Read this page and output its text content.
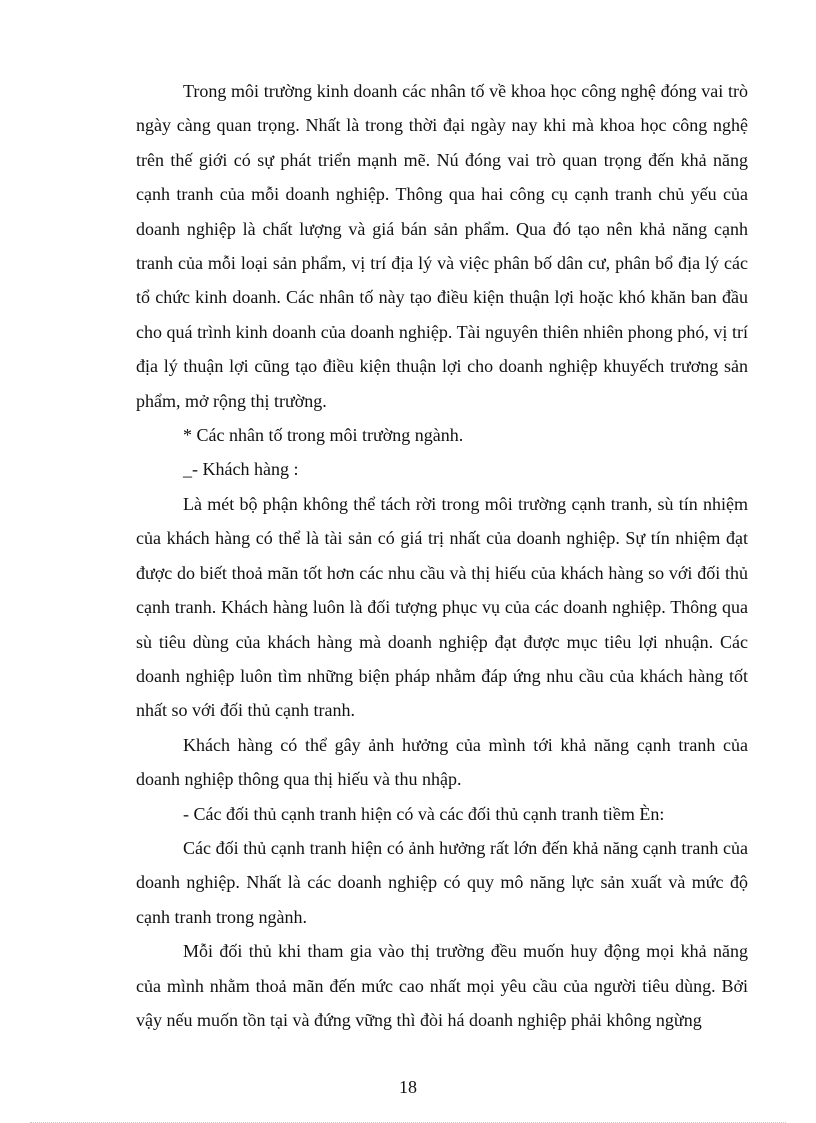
Trong môi trường kinh doanh các nhân tố về khoa học công nghệ đóng vai trò ngày càng quan trọng. Nhất là trong thời đại ngày nay khi mà khoa học công nghệ trên thế giới có sự phát triển mạnh mẽ. Nú đóng vai trò quan trọng đến khả năng cạnh tranh của mỗi doanh nghiệp. Thông qua hai công cụ cạnh tranh chủ yếu của doanh nghiệp là chất lượng và giá bán sản phẩm. Qua đó tạo nên khả năng cạnh tranh của mỗi loại sản phẩm, vị trí địa lý và việc phân bố dân cư, phân bổ địa lý các tổ chức kinh doanh. Các nhân tố này tạo điều kiện thuận lợi hoặc khó khăn ban đầu cho quá trình kinh doanh của doanh nghiệp. Tài nguyên thiên nhiên phong phó, vị trí địa lý thuận lợi cũng tạo điều kiện thuận lợi cho doanh nghiệp khuyếch trương sản phẩm, mở rộng thị trường.

* Các nhân tố trong môi trường ngành.

_- Khách hàng :

Là mét bộ phận không thể tách rời trong môi trường cạnh tranh, sù tín nhiệm của khách hàng có thể là tài sản có giá trị nhất của doanh nghiệp. Sự tín nhiệm đạt được do biết thoả mãn tốt hơn các nhu cầu và thị hiếu của khách hàng so với đối thủ cạnh tranh. Khách hàng luôn là đối tượng phục vụ của các doanh nghiệp. Thông qua sù tiêu dùng của khách hàng mà doanh nghiệp đạt được mục tiêu lợi nhuận. Các doanh nghiệp luôn tìm những biện pháp nhằm đáp ứng nhu cầu của khách hàng tốt nhất so với đối thủ cạnh tranh.

Khách hàng có thể gây ảnh hưởng của mình tới khả năng cạnh tranh của doanh nghiệp thông qua thị hiếu và thu nhập.

- Các đối thủ cạnh tranh hiện có và các đối thủ cạnh tranh tiềm Èn:

Các đối thủ cạnh tranh hiện có ảnh hưởng rất lớn đến khả năng cạnh tranh của doanh nghiệp. Nhất là các doanh nghiệp có quy mô năng lực sản xuất và mức độ cạnh tranh trong ngành.

Mỗi đối thủ khi tham gia vào thị trường đều muốn huy động mọi khả năng của mình nhằm thoả mãn đến mức cao nhất mọi yêu cầu của người tiêu dùng. Bởi vậy nếu muốn tồn tại và đứng vững thì đòi há doanh nghiệp phải không ngừng

18
